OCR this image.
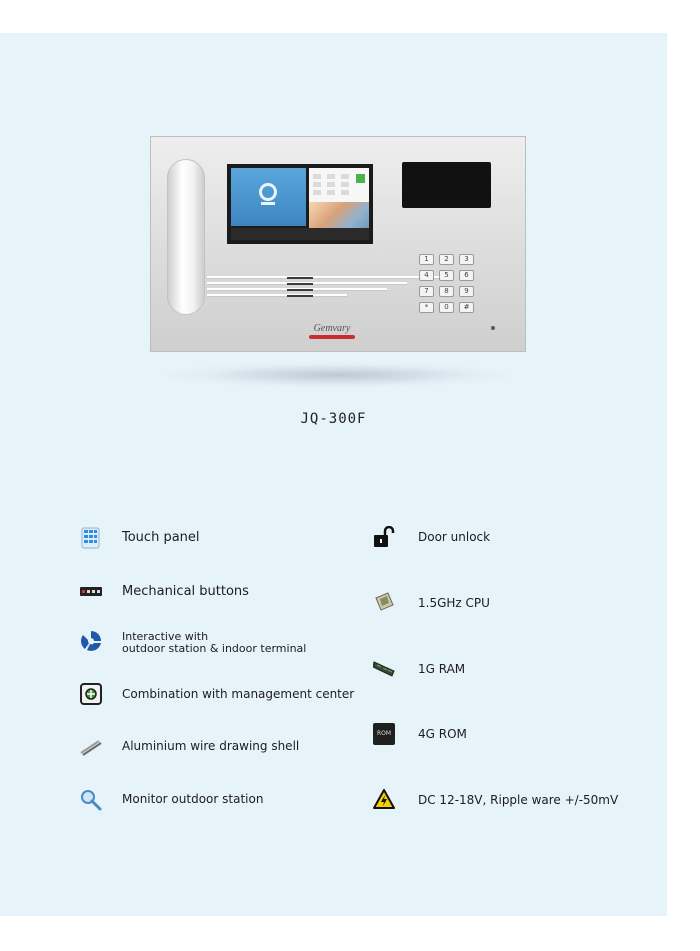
1	2	3
4	5	6
7	8	9
*	0	#
Gemvary
JQ-300F
Touch panel
Mechanical buttons
Interactive with
outdoor station & indoor terminal
Combination with management center
Aluminium wire drawing shell
Monitor outdoor station
Door unlock
1.5GHz CPU
1G RAM
ROM	4G ROM
DC 12-18V, Ripple ware +/-50mV
